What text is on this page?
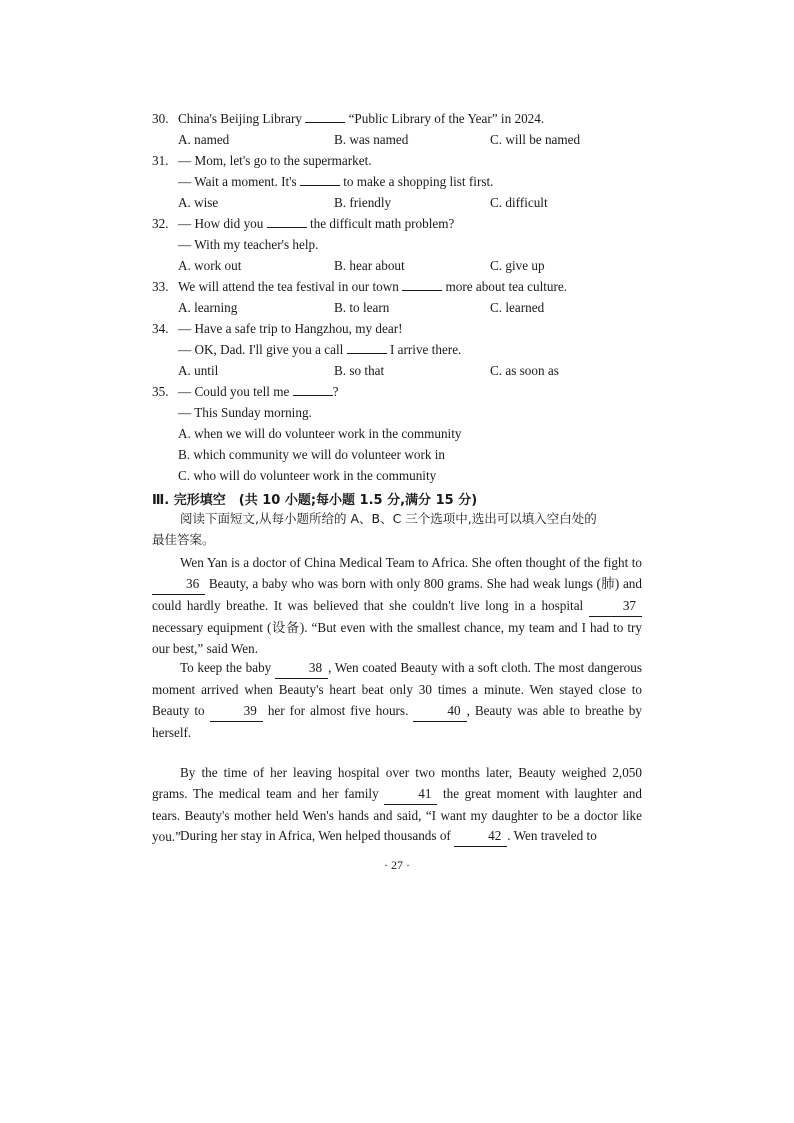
30. China's Beijing Library	“Public Library of the Year” in 2024.
A. named	B. was named	C. will be named
31. — Mom, let's go to the supermarket.
— Wait a moment. It's	to make a shopping list first.
A. wise	B. friendly	C. difficult
32. — How did you	the difficult math problem?
— With my teacher's help.
A. work out	B. hear about	C. give up
33. We will attend the tea festival in our town	more about tea culture.
A. learning	B. to learn	C. learned
34. — Have a safe trip to Hangzhou, my dear!
— OK, Dad. I'll give you a call	I arrive there.
A. until	B. so that	C. as soon as
35. — Could you tell me	?
— This Sunday morning.
A. when we will do volunteer work in the community
B. which community we will do volunteer work in
C. who will do volunteer work in the community
Ⅲ. 完形填空　(共 10 小题;每小题 1.5 分,满分 15 分)
阅读下面短文,从每小题所给的 A、B、C 三个选项中,选出可以填入空白处的
最佳答案。
Wen Yan is a doctor of China Medical Team to Africa. She often thought of the fight to 36 Beauty, a baby who was born with only 800 grams. She had weak lungs (肺) and could hardly breathe. It was believed that she couldn't live long in a hospital	37 necessary equipment (设备). “But even with the smallest chance, my team and I had to try our best,” said Wen.
To keep the baby	38 , Wen coated Beauty with a soft cloth. The most dangerous moment arrived when Beauty's heart beat only 30 times a minute. Wen stayed close to Beauty to	39 her for almost five hours.	40 , Beauty was able to breathe by herself.
By the time of her leaving hospital over two months later, Beauty weighed 2,050 grams. The medical team and her family	41 the great moment with laughter and tears. Beauty's mother held Wen's hands and said, “I want my daughter to be a doctor like you.” During her stay in Africa, Wen helped thousands of	42 . Wen traveled to
· 27 ·
